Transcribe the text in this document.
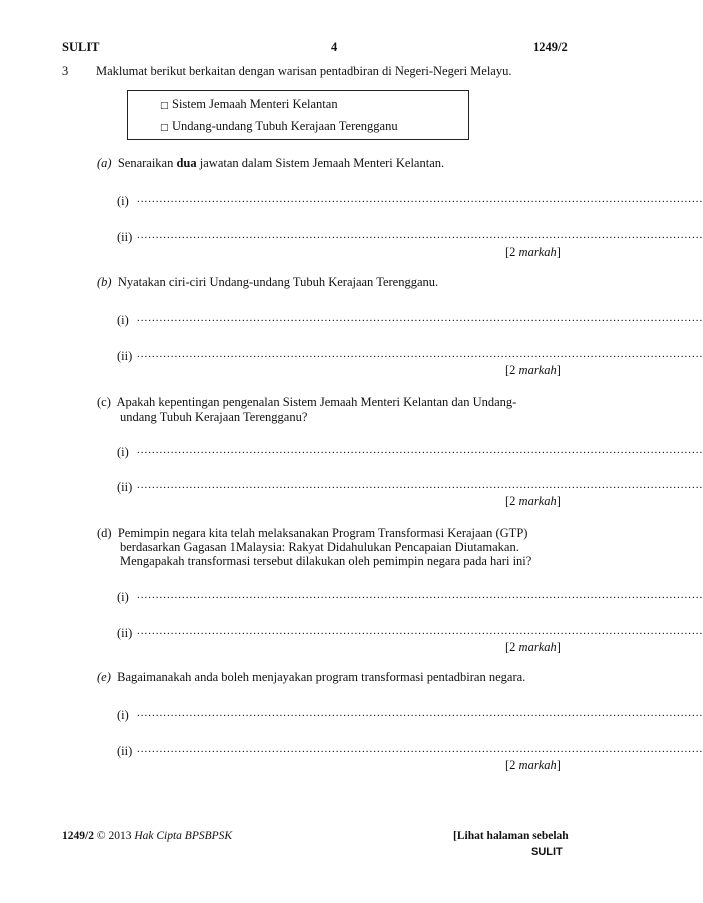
SULIT	4	1249/2
3 Maklumat berikut berkaitan dengan warisan pentadbiran di Negeri-Negeri Melayu.
□ Sistem Jemaah Menteri Kelantan
□ Undang-undang Tubuh Kerajaan Terengganu
(a) Senaraikan dua jawatan dalam Sistem Jemaah Menteri Kelantan.
(i) .......................................................................................................................................................
(ii) .......................................................................................................................................................
[2 markah]
(b) Nyatakan ciri-ciri Undang-undang Tubuh Kerajaan Terengganu.
(i) .......................................................................................................................................................
(ii) .......................................................................................................................................................
[2 markah]
(c) Apakah kepentingan pengenalan Sistem Jemaah Menteri Kelantan dan Undang-
undang Tubuh Kerajaan Terengganu?
(i) .......................................................................................................................................................
(ii) .......................................................................................................................................................
[2 markah]
(d) Pemimpin negara kita telah melaksanakan Program Transformasi Kerajaan (GTP)
berdasarkan Gagasan 1Malaysia: Rakyat Didahulukan Pencapaian Diutamakan.
Mengapakah transformasi tersebut dilakukan oleh pemimpin negara pada hari ini?
(i) .......................................................................................................................................................
(ii) .......................................................................................................................................................
[2 markah]
(e) Bagaimanakah anda boleh menjayakan program transformasi pentadbiran negara.
(i) .......................................................................................................................................................
(ii) .......................................................................................................................................................
[2 markah]
1249/2 © 2013 Hak Cipta BPSBPSK	[Lihat halaman sebelah
SULIT
